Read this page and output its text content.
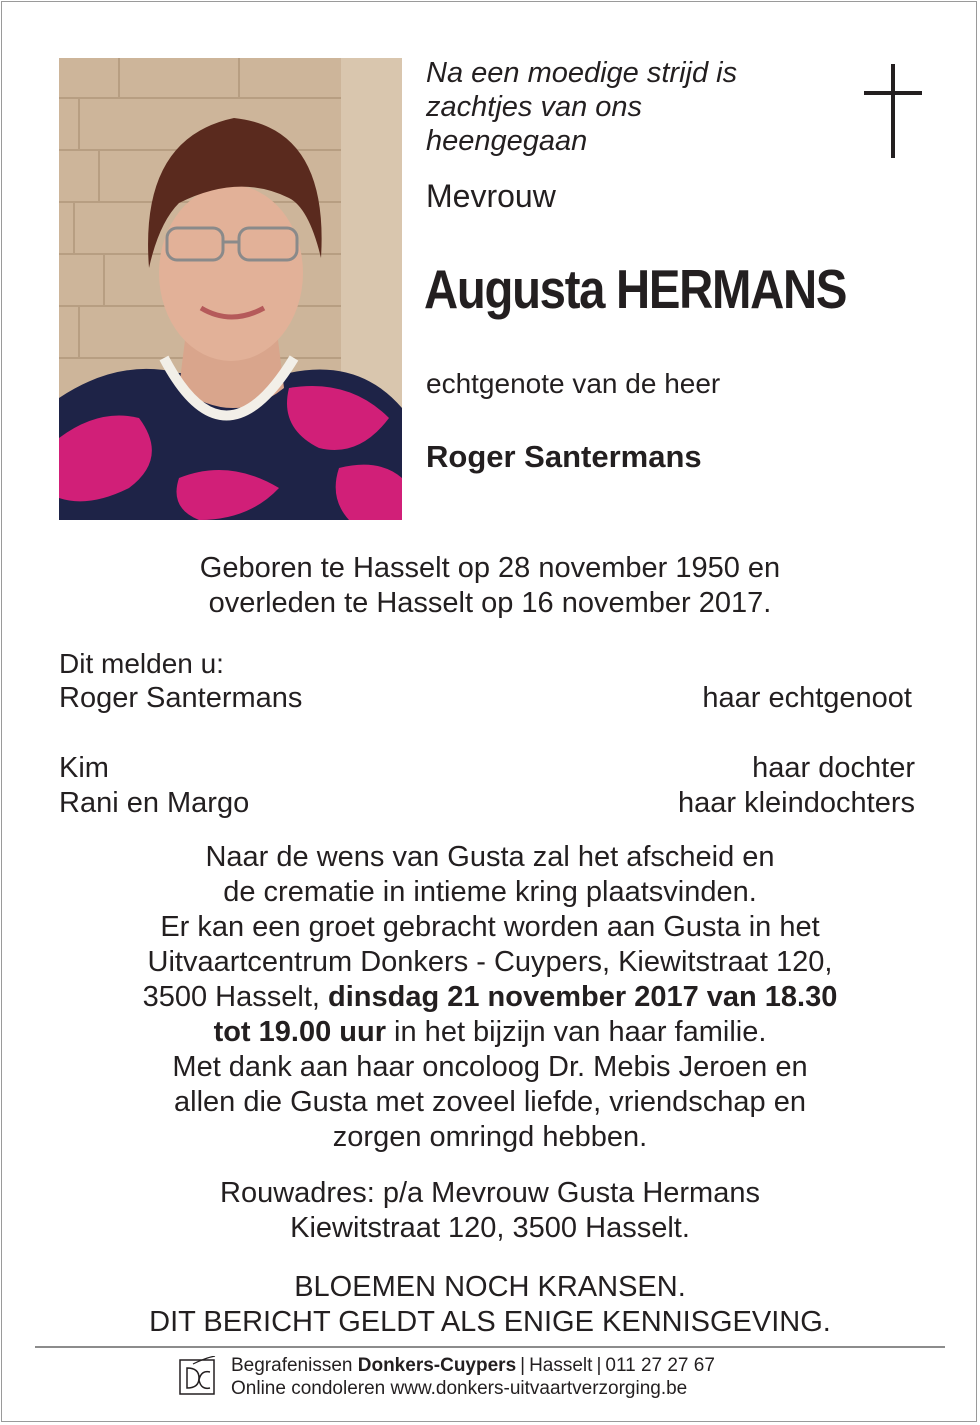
Na een moedige strijd is
zachtjes van ons
heengegaan

Mevrouw

Augusta HERMANS

echtgenote van de heer

Roger Santermans

Geboren te Hasselt op 28 november 1950 en
overleden te Hasselt op 16 november 2017.

Dit melden u:

Roger Santermans	haar echtgenoot
Kim	haar dochter
Rani en Margo	haar kleindochters
Naar de wens van Gusta zal het afscheid en
de crematie in intieme kring plaatsvinden.
Er kan een groet gebracht worden aan Gusta in het
Uitvaartcentrum Donkers - Cuypers, Kiewitstraat 120,
3500 Hasselt, dinsdag 21 november 2017 van 18.30
tot 19.00 uur in het bijzijn van haar familie.
Met dank aan haar oncoloog Dr. Mebis Jeroen en
allen die Gusta met zoveel liefde, vriendschap en
zorgen omringd hebben.
Rouwadres: p/a Mevrouw Gusta Hermans
Kiewitstraat 120, 3500 Hasselt.
BLOEMEN NOCH KRANSEN.
DIT BERICHT GELDT ALS ENIGE KENNISGEVING.
Begrafenissen Donkers-Cuypers | Hasselt | 011 27 27 67
Online condoleren www.donkers-uitvaartverzorging.be
